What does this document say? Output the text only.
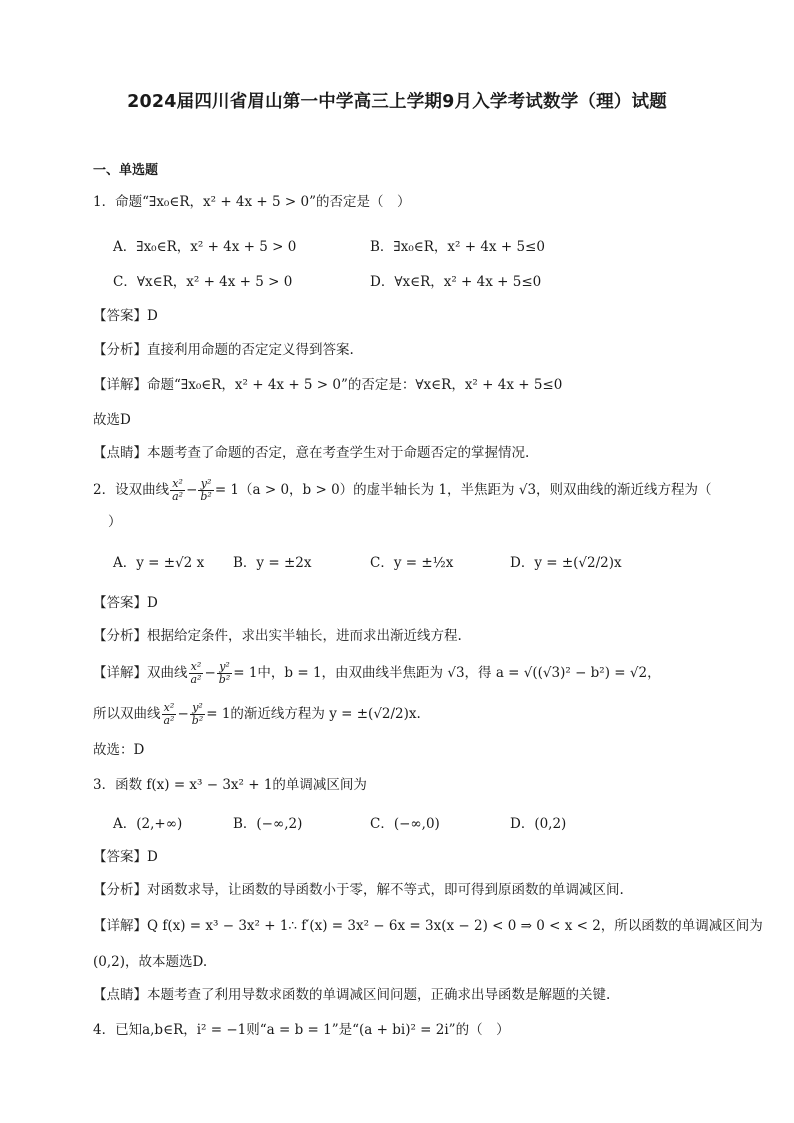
2024届四川省眉山第一中学高三上学期9月入学考试数学（理）试题
一、单选题
1．命题“∃x₀∈R，x² + 4x + 5 > 0”的否定是（　）
A．∃x₀∈R，x² + 4x + 5 > 0	B．∃x₀∈R，x² + 4x + 5≤0
C．∀x∈R，x² + 4x + 5 > 0	D．∀x∈R，x² + 4x + 5≤0
【答案】D
【分析】直接利用命题的否定定义得到答案.
【详解】命题“∃x₀∈R，x² + 4x + 5 > 0”的否定是：∀x∈R，x² + 4x + 5≤0
故选D
【点睛】本题考查了命题的否定，意在考查学生对于命题否定的掌握情况.
2．设双曲线 $\frac{\text{x²}}{\text{a²}} - \frac{\text{y²}}{\text{b²}} = 1(a > 0$，b > 0）的虚半轴长为 1，半焦距为 √3，则双曲线的渐近线方程为（
）
A．y = ±√2 x B．y = ±2x	C．y = ±½x	D．y = ±(√2/2)x
【答案】D
【分析】根据给定条件，求出实半轴长，进而求出渐近线方程.
【详解】双曲线 $\frac{\text{x²}}{\text{a²}} - \frac{\text{y²}}{\text{b²}} = 1$中，b = 1，由双曲线半焦距为 √3，得 a = √((√3)² − b²) = √2，
所以双曲线 $\frac{\text{x²}}{\text{a²}} - \frac{\text{y²}}{\text{b²}} = 1$的渐近线方程为 y = ±(√2/2)x.
故选：D
3．函数 f(x) = x³ − 3x² + 1的单调减区间为
A．(2,+∞)	B．(−∞,2)	C．(−∞,0)	D．(0,2)
【答案】D
【分析】对函数求导，让函数的导函数小于零，解不等式，即可得到原函数的单调减区间.
【详解】Q f(x) = x³ − 3x² + 1∴ f′(x) = 3x² − 6x = 3x(x − 2) < 0 ⇒ 0 < x < 2，所以函数的单调减区间为
(0,2)，故本题选D.
【点睛】本题考查了利用导数求函数的单调减区间问题，正确求出导函数是解题的关键.
4．已知a,b∈R，i² = −1则“a = b = 1”是“(a + bi)² = 2i”的（　）
